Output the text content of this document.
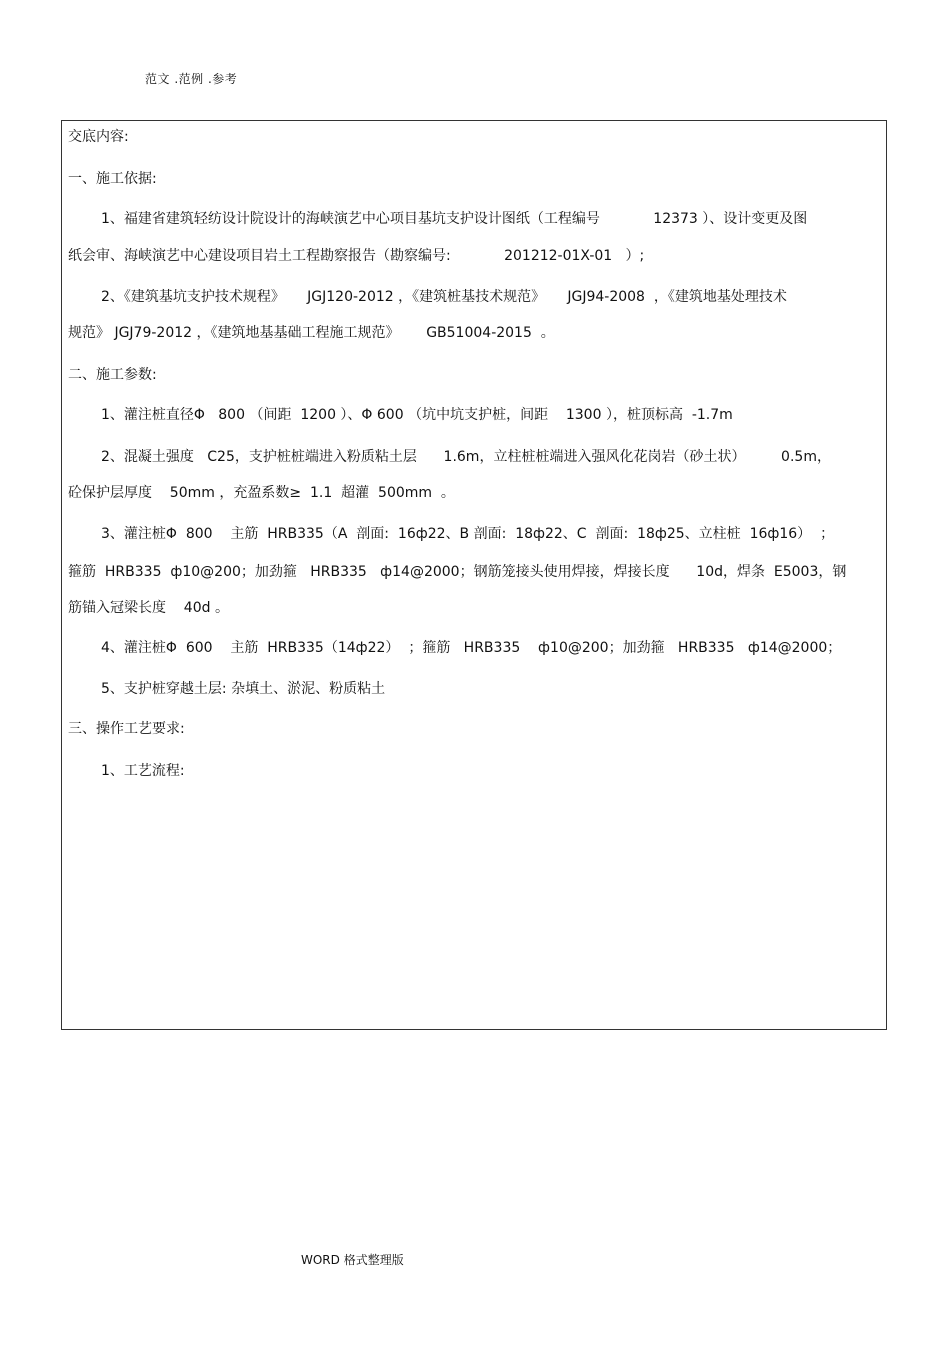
范文 .范例 .参考
交底内容:
一、施工依据:
1、福建省建筑轻纺设计院设计的海峡演艺中心项目基坑支护设计图纸（工程编号            12373 ）、设计变更及图
纸会审、海峡演艺中心建设项目岩土工程勘察报告（勘察编号:            201212-01X-01   ）;
2、《建筑基坑支护技术规程》     JGJ120-2012 ，《建筑桩基技术规范》     JGJ94-2008  ，《建筑地基处理技术
规范》 JGJ79-2012 ，《建筑地基基础工程施工规范》      GB51004-2015  。
二、施工参数:
1、灌注桩直径Φ   800 （间距  1200 ）、Φ 600 （坑中坑支护桩，间距    1300 ），桩顶标高  -1.7m
2、混凝土强度   C25，支护桩桩端进入粉质粘土层      1.6m，立柱桩桩端进入强风化花岗岩（砂土状）        0.5m，
砼保护层厚度    50mm ，充盈系数≥  1.1  超灌  500mm  。
3、灌注桩Φ  800    主筋  HRB335（A  剖面:  16ф22、B 剖面:  18ф22、C  剖面:  18ф25、立柱桩  16ф16）  ；
箍筋  HRB335  ф10@200；加劲箍   HRB335   ф14@2000；钢筋笼接头使用焊接，焊接长度      10d，焊条  E5003，钢
筋锚入冠梁长度    40d 。
4、灌注桩Φ  600    主筋  HRB335（14ф22）  ；箍筋   HRB335    ф10@200；加劲箍   HRB335   ф14@2000；
5、支护桩穿越土层: 杂填土、淤泥、粉质粘土
三、操作工艺要求:
1、工艺流程:
WORD 格式整理版
